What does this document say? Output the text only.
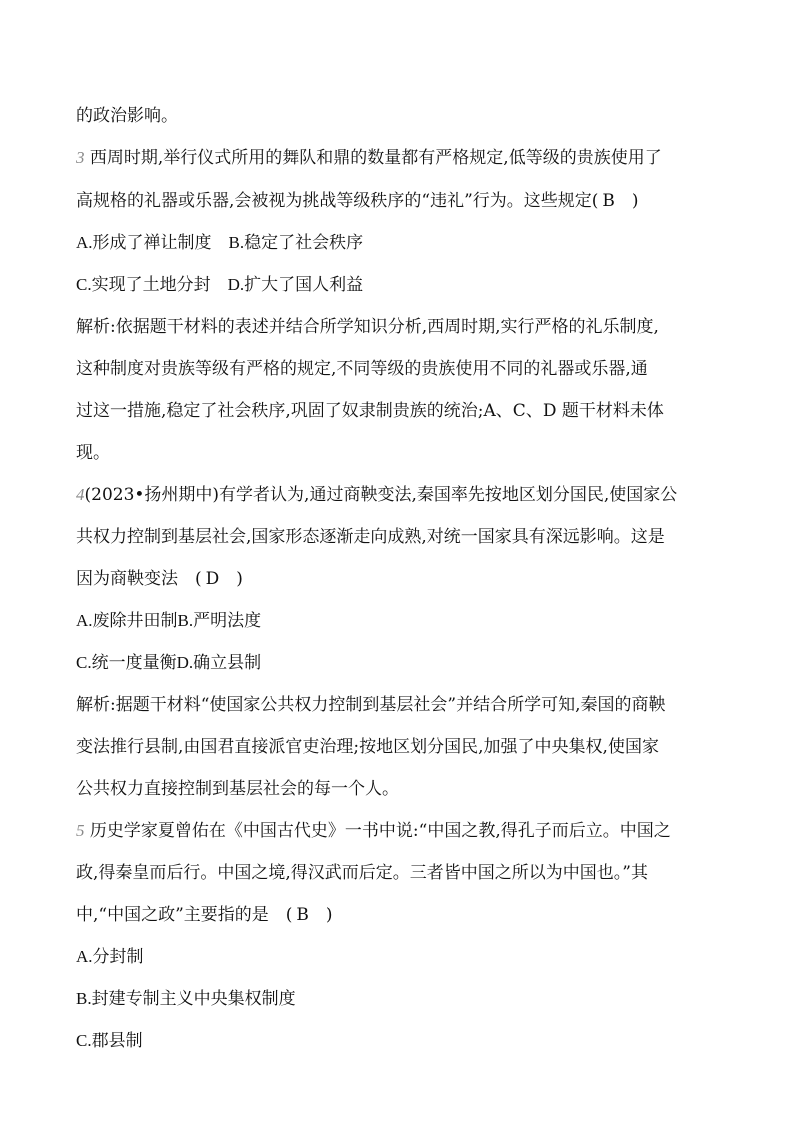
的政治影响。
3 西周时期,举行仪式所用的舞队和鼎的数量都有严格规定,低等级的贵族使用了
高规格的礼器或乐器,会被视为挑战等级秩序的“违礼”行为。这些规定( B　)
A.形成了禅让制度　B.稳定了社会秩序
C.实现了土地分封　D.扩大了国人利益
解析:依据题干材料的表述并结合所学知识分析,西周时期,实行严格的礼乐制度,
这种制度对贵族等级有严格的规定,不同等级的贵族使用不同的礼器或乐器,通
过这一措施,稳定了社会秩序,巩固了奴隶制贵族的统治;A、C、D 题干材料未体
现。
4(2023•扬州期中)有学者认为,通过商鞅变法,秦国率先按地区划分国民,使国家公
共权力控制到基层社会,国家形态逐渐走向成熟,对统一国家具有深远影响。这是
因为商鞅变法　( D　)
A.废除井田制B.严明法度
C.统一度量衡D.确立县制
解析:据题干材料“使国家公共权力控制到基层社会”并结合所学可知,秦国的商鞅
变法推行县制,由国君直接派官吏治理;按地区划分国民,加强了中央集权,使国家
公共权力直接控制到基层社会的每一个人。
5 历史学家夏曾佑在《中国古代史》一书中说:“中国之教,得孔子而后立。中国之
政,得秦皇而后行。中国之境,得汉武而后定。三者皆中国之所以为中国也。”其
中,“中国之政”主要指的是　( B　)
A.分封制
B.封建专制主义中央集权制度
C.郡县制
